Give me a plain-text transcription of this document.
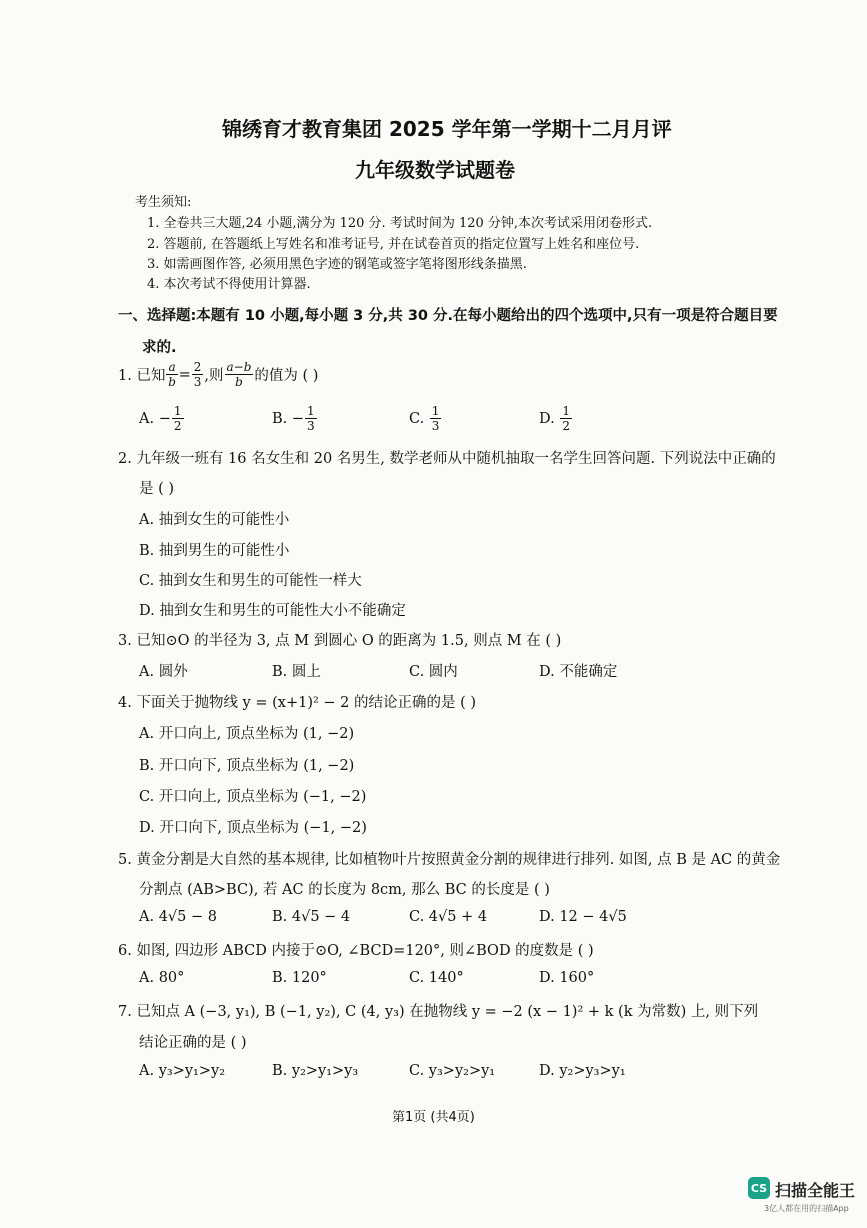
锦绣育才教育集团 2025 学年第一学期十二月月评
九年级数学试题卷
考生须知:
1. 全卷共三大题,24 小题,满分为 120 分. 考试时间为 120 分钟,本次考试采用闭卷形式.
2. 答题前, 在答题纸上写姓名和准考证号, 并在试卷首页的指定位置写上姓名和座位号.
3. 如需画图作答, 必须用黑色字迹的钢笔或签字笔将图形线条描黑.
4. 本次考试不得使用计算器.
一、选择题:本题有 10 小题,每小题 3 分,共 30 分.在每小题给出的四个选项中,只有一项是符合题目要
求的.
1. 已知 $\frac{a}{b} = \frac{2}{3}$ ,则 $\frac{a-b}{b}$ 的值为 ( )
A.
− $\frac{1}{2}$	B.
− $\frac{1}{3}$	C.
$\frac{1}{3}$	D.
$\frac{1}{2}$
2. 九年级一班有 16 名女生和 20 名男生, 数学老师从中随机抽取一名学生回答问题. 下列说法中正确的
是 ( )
A. 抽到女生的可能性小
B. 抽到男生的可能性小
C. 抽到女生和男生的可能性一样大
D. 抽到女生和男生的可能性大小不能确定
3. 已知⊙O 的半径为 3, 点 M 到圆心 O 的距离为 1.5, 则点 M 在 ( )
A. 圆外	B. 圆上	C. 圆内	D. 不能确定
4. 下面关于抛物线 y = (x+1)² − 2 的结论正确的是 ( )
A. 开口向上, 顶点坐标为 (1, −2)
B. 开口向下, 顶点坐标为 (1, −2)
C. 开口向上, 顶点坐标为 (−1, −2)
D. 开口向下, 顶点坐标为 (−1, −2)
5. 黄金分割是大自然的基本规律, 比如植物叶片按照黄金分割的规律进行排列. 如图, 点 B 是 AC 的黄金
分割点 (AB>BC), 若 AC 的长度为 8cm, 那么 BC 的长度是 ( )
A. 4√5 − 8	B. 4√5 − 4	C. 4√5 + 4	D. 12 − 4√5
6. 如图, 四边形 ABCD 内接于⊙O, ∠BCD=120°, 则∠BOD 的度数是 ( )
A. 80°	B. 120°	C. 140°	D. 160°
7. 已知点 A (−3, y₁), B (−1, y₂), C (4, y₃) 在抛物线 y = −2 (x − 1)² + k (k 为常数) 上, 则下列
结论正确的是 ( )
A. y₃>y₁>y₂	B. y₂>y₁>y₃	C. y₃>y₂>y₁	D. y₂>y₃>y₁
第1页 (共4页)
CS 扫描全能王
3亿人都在用的扫描App
